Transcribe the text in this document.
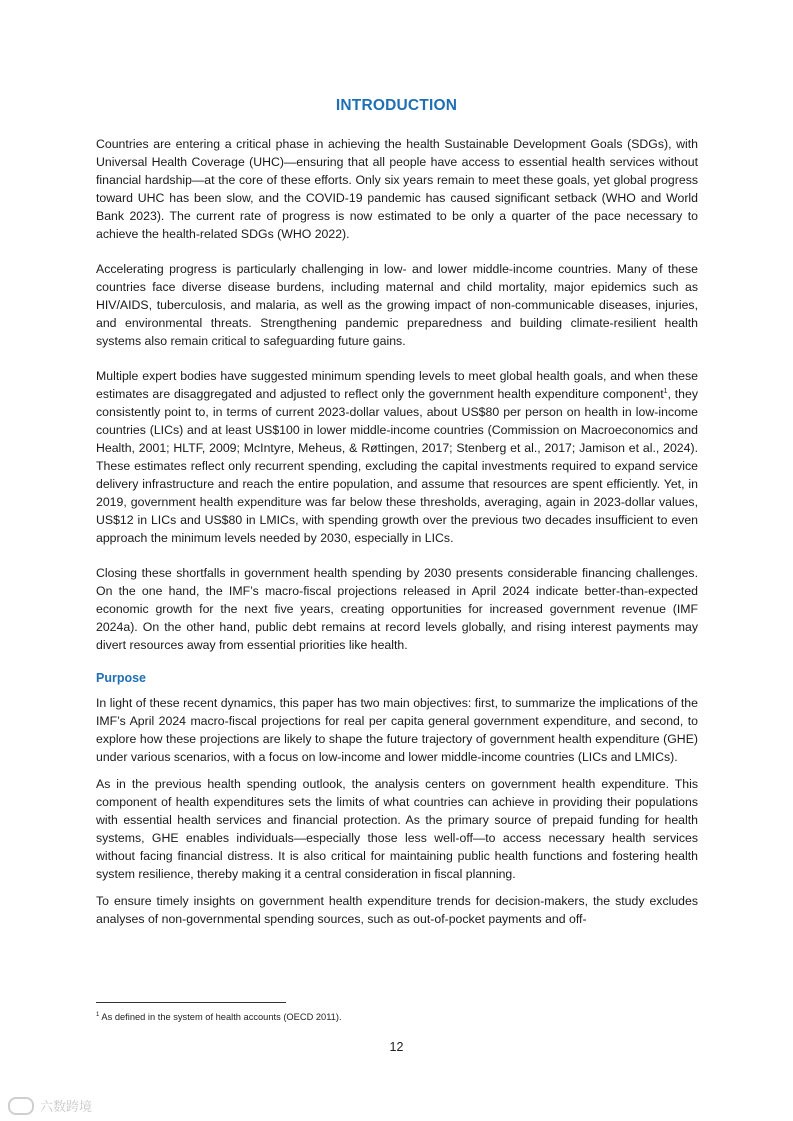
INTRODUCTION

Countries are entering a critical phase in achieving the health Sustainable Development Goals (SDGs), with Universal Health Coverage (UHC)—ensuring that all people have access to essential health services without financial hardship—at the core of these efforts. Only six years remain to meet these goals, yet global progress toward UHC has been slow, and the COVID-19 pandemic has caused significant setback (WHO and World Bank 2023). The current rate of progress is now estimated to be only a quarter of the pace necessary to achieve the health-related SDGs (WHO 2022).

Accelerating progress is particularly challenging in low- and lower middle-income countries. Many of these countries face diverse disease burdens, including maternal and child mortality, major epidemics such as HIV/AIDS, tuberculosis, and malaria, as well as the growing impact of non-communicable diseases, injuries, and environmental threats. Strengthening pandemic preparedness and building climate-resilient health systems also remain critical to safeguarding future gains.

Multiple expert bodies have suggested minimum spending levels to meet global health goals, and when these estimates are disaggregated and adjusted to reflect only the government health expenditure component$^1$, they consistently point to, in terms of current 2023-dollar values, about US$80 per person on health in low-income countries (LICs) and at least US$100 in lower middle-income countries (Commission on Macroeconomics and Health, 2001; HLTF, 2009; McIntyre, Meheus, & Røttingen, 2017; Stenberg et al., 2017; Jamison et al., 2024). These estimates reflect only recurrent spending, excluding the capital investments required to expand service delivery infrastructure and reach the entire population, and assume that resources are spent efficiently. Yet, in 2019, government health expenditure was far below these thresholds, averaging, again in 2023-dollar values, US$12 in LICs and US$80 in LMICs, with spending growth over the previous two decades insufficient to even approach the minimum levels needed by 2030, especially in LICs.

Closing these shortfalls in government health spending by 2030 presents considerable financing challenges. On the one hand, the IMF’s macro-fiscal projections released in April 2024 indicate better-than-expected economic growth for the next five years, creating opportunities for increased government revenue (IMF 2024a). On the other hand, public debt remains at record levels globally, and rising interest payments may divert resources away from essential priorities like health.

Purpose

In light of these recent dynamics, this paper has two main objectives: first, to summarize the implications of the IMF’s April 2024 macro-fiscal projections for real per capita general government expenditure, and second, to explore how these projections are likely to shape the future trajectory of government health expenditure (GHE) under various scenarios, with a focus on low-income and lower middle-income countries (LICs and LMICs).

As in the previous health spending outlook, the analysis centers on government health expenditure. This component of health expenditures sets the limits of what countries can achieve in providing their populations with essential health services and financial protection. As the primary source of prepaid funding for health systems, GHE enables individuals—especially those less well-off—to access necessary health services without facing financial distress. It is also critical for maintaining public health functions and fostering health system resilience, thereby making it a central consideration in fiscal planning.

To ensure timely insights on government health expenditure trends for decision-makers, the study excludes analyses of non-governmental spending sources, such as out-of-pocket payments and off-

$^1$ As defined in the system of health accounts (OECD 2011).
12
六数跨境
